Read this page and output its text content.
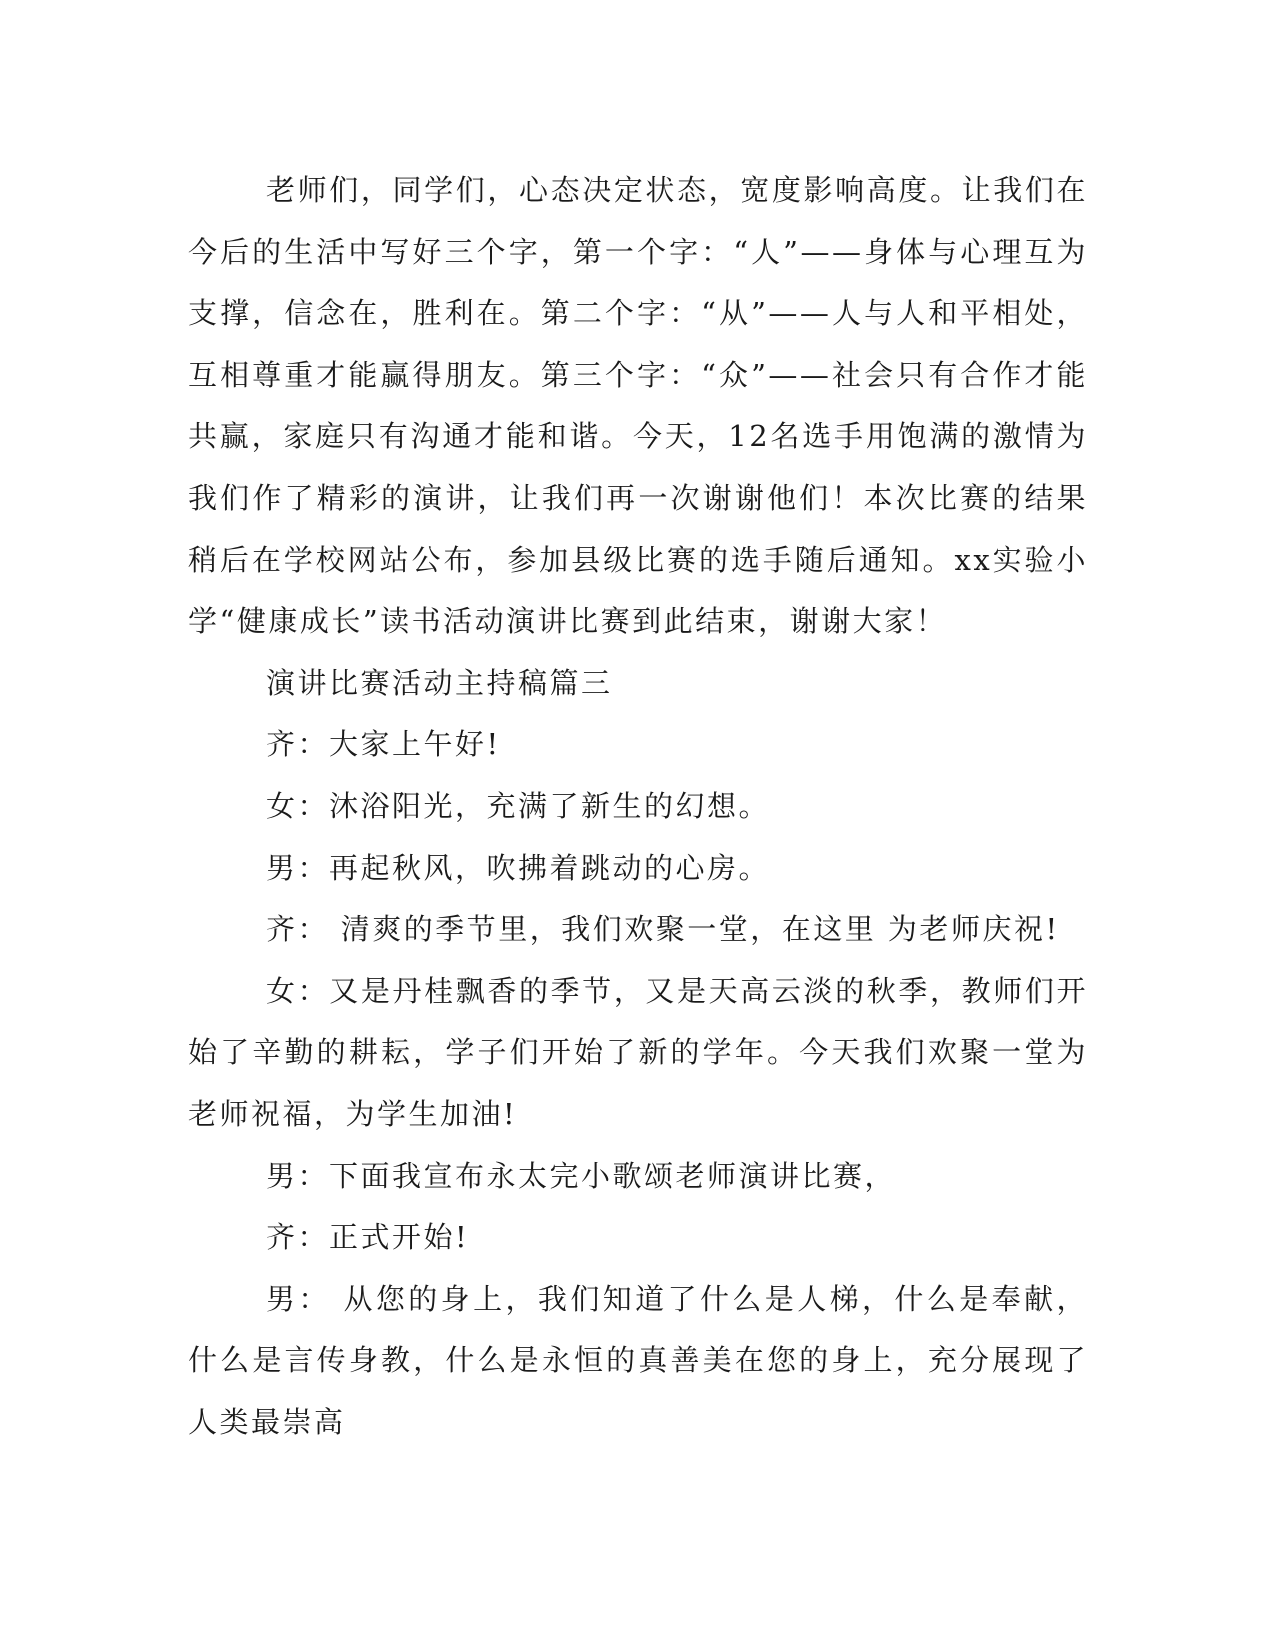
老师们，同学们，心态决定状态，宽度影响高度。让我们在今后的生活中写好三个字，第一个字：“人”——身体与心理互为支撑，信念在，胜利在。第二个字：“从”——人与人和平相处，互相尊重才能赢得朋友。第三个字：“众”——社会只有合作才能共赢，家庭只有沟通才能和谐。今天，12名选手用饱满的激情为我们作了精彩的演讲，让我们再一次谢谢他们！本次比赛的结果稍后在学校网站公布，参加县级比赛的选手随后通知。xx实验小学“健康成长”读书活动演讲比赛到此结束，谢谢大家！

演讲比赛活动主持稿篇三

齐：大家上午好!

女：沐浴阳光，充满了新生的幻想。

男：再起秋风，吹拂着跳动的心房。

齐： 清爽的季节里，我们欢聚一堂，在这里 为老师庆祝!

女：又是丹桂飘香的季节，又是天高云淡的秋季，教师们开始了辛勤的耕耘，学子们开始了新的学年。今天我们欢聚一堂为老师祝福，为学生加油!

男：下面我宣布永太完小歌颂老师演讲比赛，

齐：正式开始!

男： 从您的身上，我们知道了什么是人梯，什么是奉献，什么是言传身教，什么是永恒的真善美在您的身上，充分展现了人类最崇高
